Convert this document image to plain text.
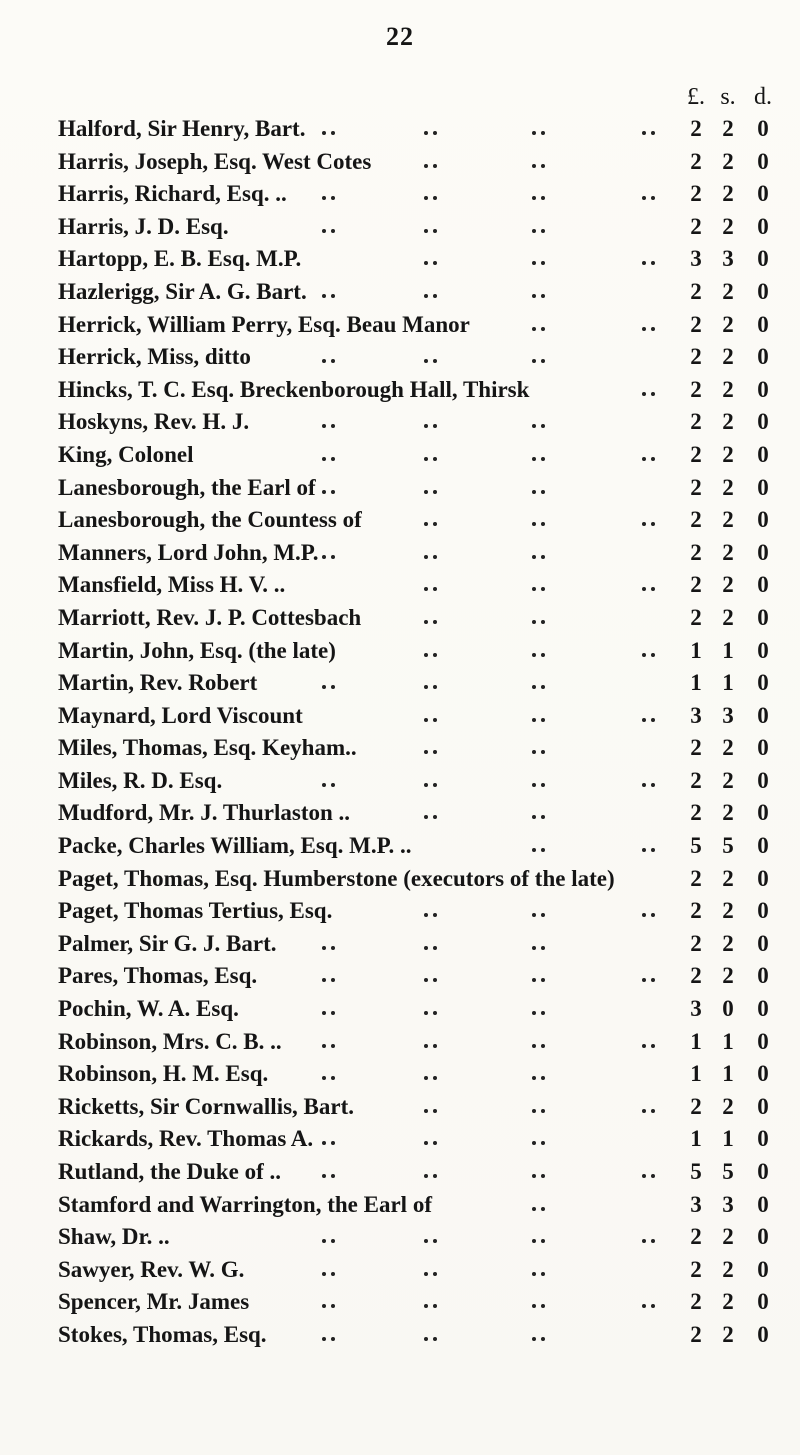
22
£. s. d.
Halford, Sir Henry, Bart.	2 2	0
Harris, Joseph, Esq. West Cotes	2 2	0
Harris, Richard, Esq. ..	2 2	0
Harris, J. D. Esq.	2 2	0
Hartopp, E. B. Esq. M.P.	3 3	0
Hazlerigg, Sir A. G. Bart.	2 2	0
Herrick, William Perry, Esq. Beau Manor	2 2	0
Herrick, Miss, ditto	2 2	0
Hincks, T. C. Esq. Breckenborough Hall, Thirsk	2 2	0
Hoskyns, Rev. H. J.	2 2	0
King, Colonel	2 2	0
Lanesborough, the Earl of	2 2	0
Lanesborough, the Countess of	2 2	0
Manners, Lord John, M.P.	2 2	0
Mansfield, Miss H. V. ..	2 2	0
Marriott, Rev. J. P. Cottesbach	2 2	0
Martin, John, Esq. (the late)	1 1	0
Martin, Rev. Robert	1 1	0
Maynard, Lord Viscount	3 3	0
Miles, Thomas, Esq. Keyham..	2 2	0
Miles, R. D. Esq.	2 2	0
Mudford, Mr. J. Thurlaston ..	2 2	0
Packe, Charles William, Esq. M.P. ..	5 5	0
Paget, Thomas, Esq. Humberstone (executors of the late)	2 2	0
Paget, Thomas Tertius, Esq.	2 2	0
Palmer, Sir G. J. Bart.	2 2	0
Pares, Thomas, Esq.	2 2	0
Pochin, W. A. Esq.	3 0	0
Robinson, Mrs. C. B. ..	1 1	0
Robinson, H. M. Esq.	1 1	0
Ricketts, Sir Cornwallis, Bart.	2 2	0
Rickards, Rev. Thomas A.	1 1	0
Rutland, the Duke of ..	5 5	0
Stamford and Warrington, the Earl of	3 3	0
Shaw, Dr. ..	2 2	0
Sawyer, Rev. W. G.	2 2	0
Spencer, Mr. James	2 2	0
Stokes, Thomas, Esq.	2 2	0
